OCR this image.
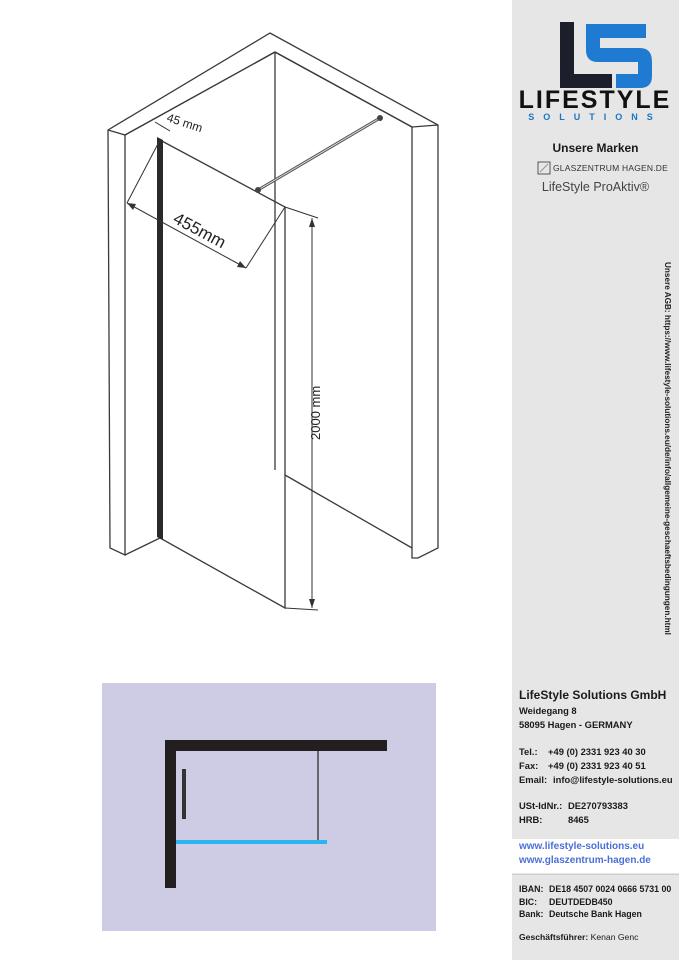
45 mm
455mm
2000 mm
LIFESTYLE
SOLUTIONS
Unsere Marken
GLASZENTRUM HAGEN.DE
LifeStyle ProAktiv®
Unsere AGB: https://www.lifestyle-solutions.eu/de/info/allgemeine-geschaeftsbedingungen.html
LifeStyle Solutions GmbH
Weidegang 8
58095 Hagen - GERMANY
Tel.: +49 (0) 2331 923 40 30
Fax: +49 (0) 2331 923 40 51
Email: info@lifestyle-solutions.eu
USt-IdNr.: DE270793383
HRB:	8465
www.lifestyle-solutions.eu
www.glaszentrum-hagen.de
IBAN: DE18 4507 0024 0666 5731 00
BIC: DEUTDEDB450
Bank: Deutsche Bank Hagen
Geschäftsführer: Kenan Genc
